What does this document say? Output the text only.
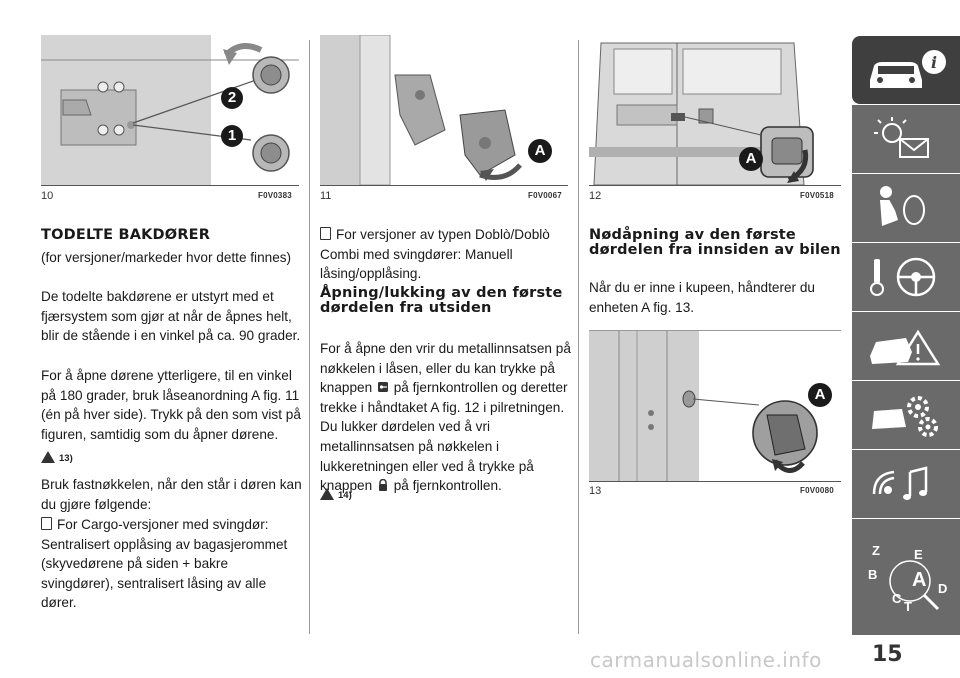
2
1
10	F0V0383
A
11	F0V0067
A
12	F0V0518
A
13	F0V0080
TODELTE BAKDØRER

(for versjoner/markeder hvor dette finnes)

De todelte bakdørene er utstyrt med et fjærsystem som gjør at når de åpnes helt, blir de stående i en vinkel på ca. 90 grader.

For å åpne dørene ytterligere, til en vinkel på 180 grader, bruk låseanordning A fig. 11 (én på hver side). Trykk på den som vist på figuren, samtidig som du åpner dørene.

13)

Bruk fastnøkkelen, når den står i døren kan du gjøre følgende:

For Cargo-versjoner med svingdør: Sentralisert opplåsing av bagasjerommet (skyvedørene på siden + bakre svingdører), sentralisert låsing av alle dører.
For versjoner av typen Doblò/Doblò Combi med svingdører: Manuell låsing/opplåsing.
Åpning/lukking av den første dørdelen fra utsiden

For å åpne den vrir du metallinnsatsen på nøkkelen i låsen, eller du kan trykke på knappen på fjernkontrollen og deretter trekke i håndtaket A fig. 12 i pilretningen. Du lukker dørdelen ved å vri metallinnsatsen på nøkkelen i lukkeretningen eller ved å trykke på knappen på fjernkontrollen.

14)
Nødåpning av den første dørdelen fra innsiden av bilen

Når du er inne i kupeen, håndterer du enheten A fig. 13.

i
Z	E
B A
C
T
D
15
carmanualsonline.info
